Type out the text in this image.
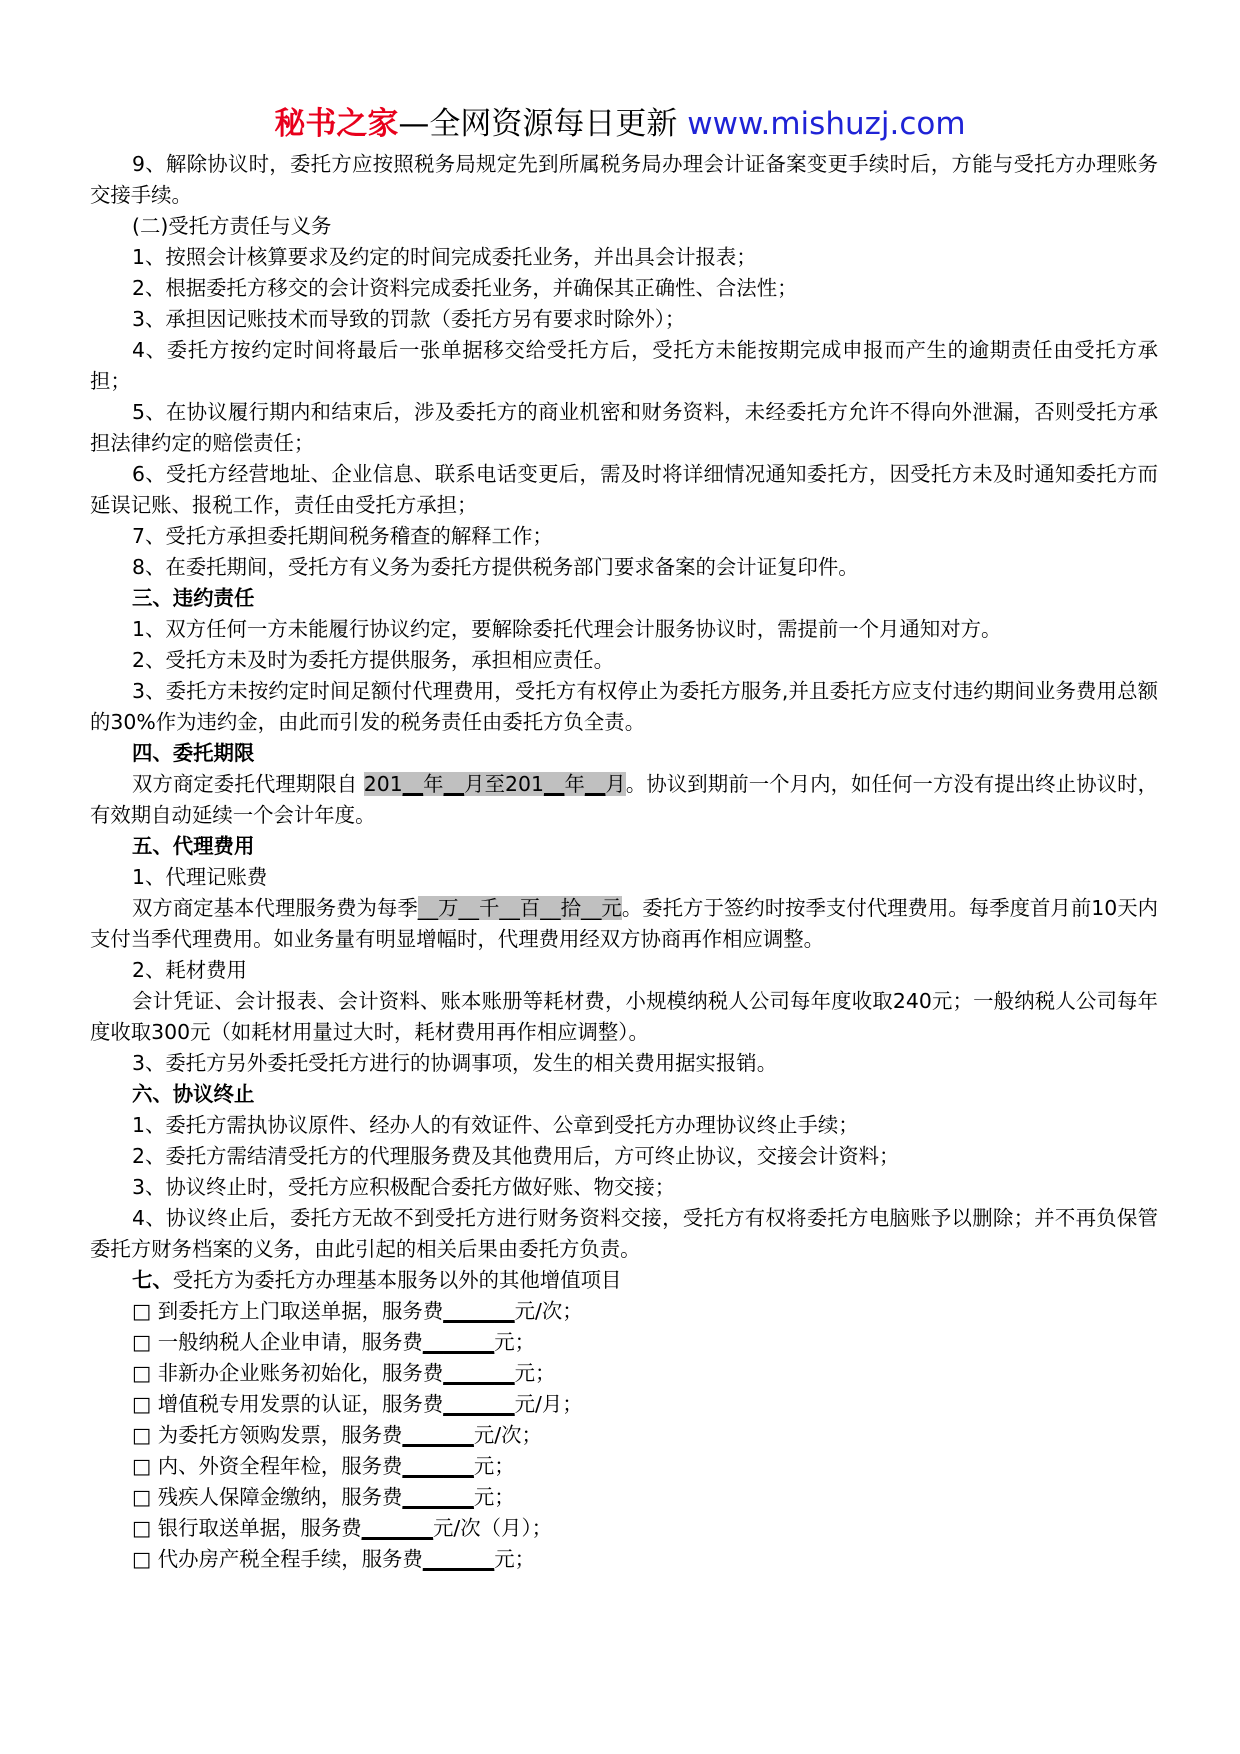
秘书之家—全网资源每日更新 www.mishuzj.com

9、解除协议时，委托方应按照税务局规定先到所属税务局办理会计证备案变更手续时后，方能与受托方办理账务交接手续。

(二)受托方责任与义务

1、按照会计核算要求及约定的时间完成委托业务，并出具会计报表；

2、根据委托方移交的会计资料完成委托业务，并确保其正确性、合法性；

3、承担因记账技术而导致的罚款（委托方另有要求时除外）；

4、委托方按约定时间将最后一张单据移交给受托方后，受托方未能按期完成申报而产生的逾期责任由受托方承担；

5、在协议履行期内和结束后，涉及委托方的商业机密和财务资料，未经委托方允许不得向外泄漏，否则受托方承担法律约定的赔偿责任；

6、受托方经营地址、企业信息、联系电话变更后，需及时将详细情况通知委托方，因受托方未及时通知委托方而延误记账、报税工作，责任由受托方承担；

7、受托方承担委托期间税务稽查的解释工作；

8、在委托期间，受托方有义务为委托方提供税务部门要求备案的会计证复印件。

三、违约责任

1、双方任何一方未能履行协议约定，要解除委托代理会计服务协议时，需提前一个月通知对方。

2、受托方未及时为委托方提供服务，承担相应责任。

3、委托方未按约定时间足额付代理费用，受托方有权停止为委托方服务,并且委托方应支付违约期间业务费用总额的30%作为违约金，由此而引发的税务责任由委托方负全责。

四、委托期限

双方商定委托代理期限自 201__年__月至201__年__月。协议到期前一个月内，如任何一方没有提出终止协议时，有效期自动延续一个会计年度。

五、代理费用

1、代理记账费

双方商定基本代理服务费为每季__万__千__百__拾__元。委托方于签约时按季支付代理费用。每季度首月前10天内支付当季代理费用。如业务量有明显增幅时，代理费用经双方协商再作相应调整。

2、耗材费用

会计凭证、会计报表、会计资料、账本账册等耗材费，小规模纳税人公司每年度收取240元；一般纳税人公司每年度收取300元（如耗材用量过大时，耗材费用再作相应调整）。

3、委托方另外委托受托方进行的协调事项，发生的相关费用据实报销。

六、协议终止

1、委托方需执协议原件、经办人的有效证件、公章到受托方办理协议终止手续；

2、委托方需结清受托方的代理服务费及其他费用后，方可终止协议，交接会计资料；

3、协议终止时，受托方应积极配合委托方做好账、物交接；

4、协议终止后，委托方无故不到受托方进行财务资料交接，受托方有权将委托方电脑账予以删除；并不再负保管委托方财务档案的义务，由此引起的相关后果由委托方负责。

七、受托方为委托方办理基本服务以外的其他增值项目

□ 到委托方上门取送单据，服务费_______元/次；

□ 一般纳税人企业申请，服务费_______元；

□ 非新办企业账务初始化，服务费_______元；

□ 增值税专用发票的认证，服务费_______元/月；

□ 为委托方领购发票，服务费_______元/次；

□ 内、外资全程年检，服务费_______元；

□ 残疾人保障金缴纳，服务费_______元；

□ 银行取送单据，服务费_______元/次（月）；

□ 代办房产税全程手续，服务费_______元；
